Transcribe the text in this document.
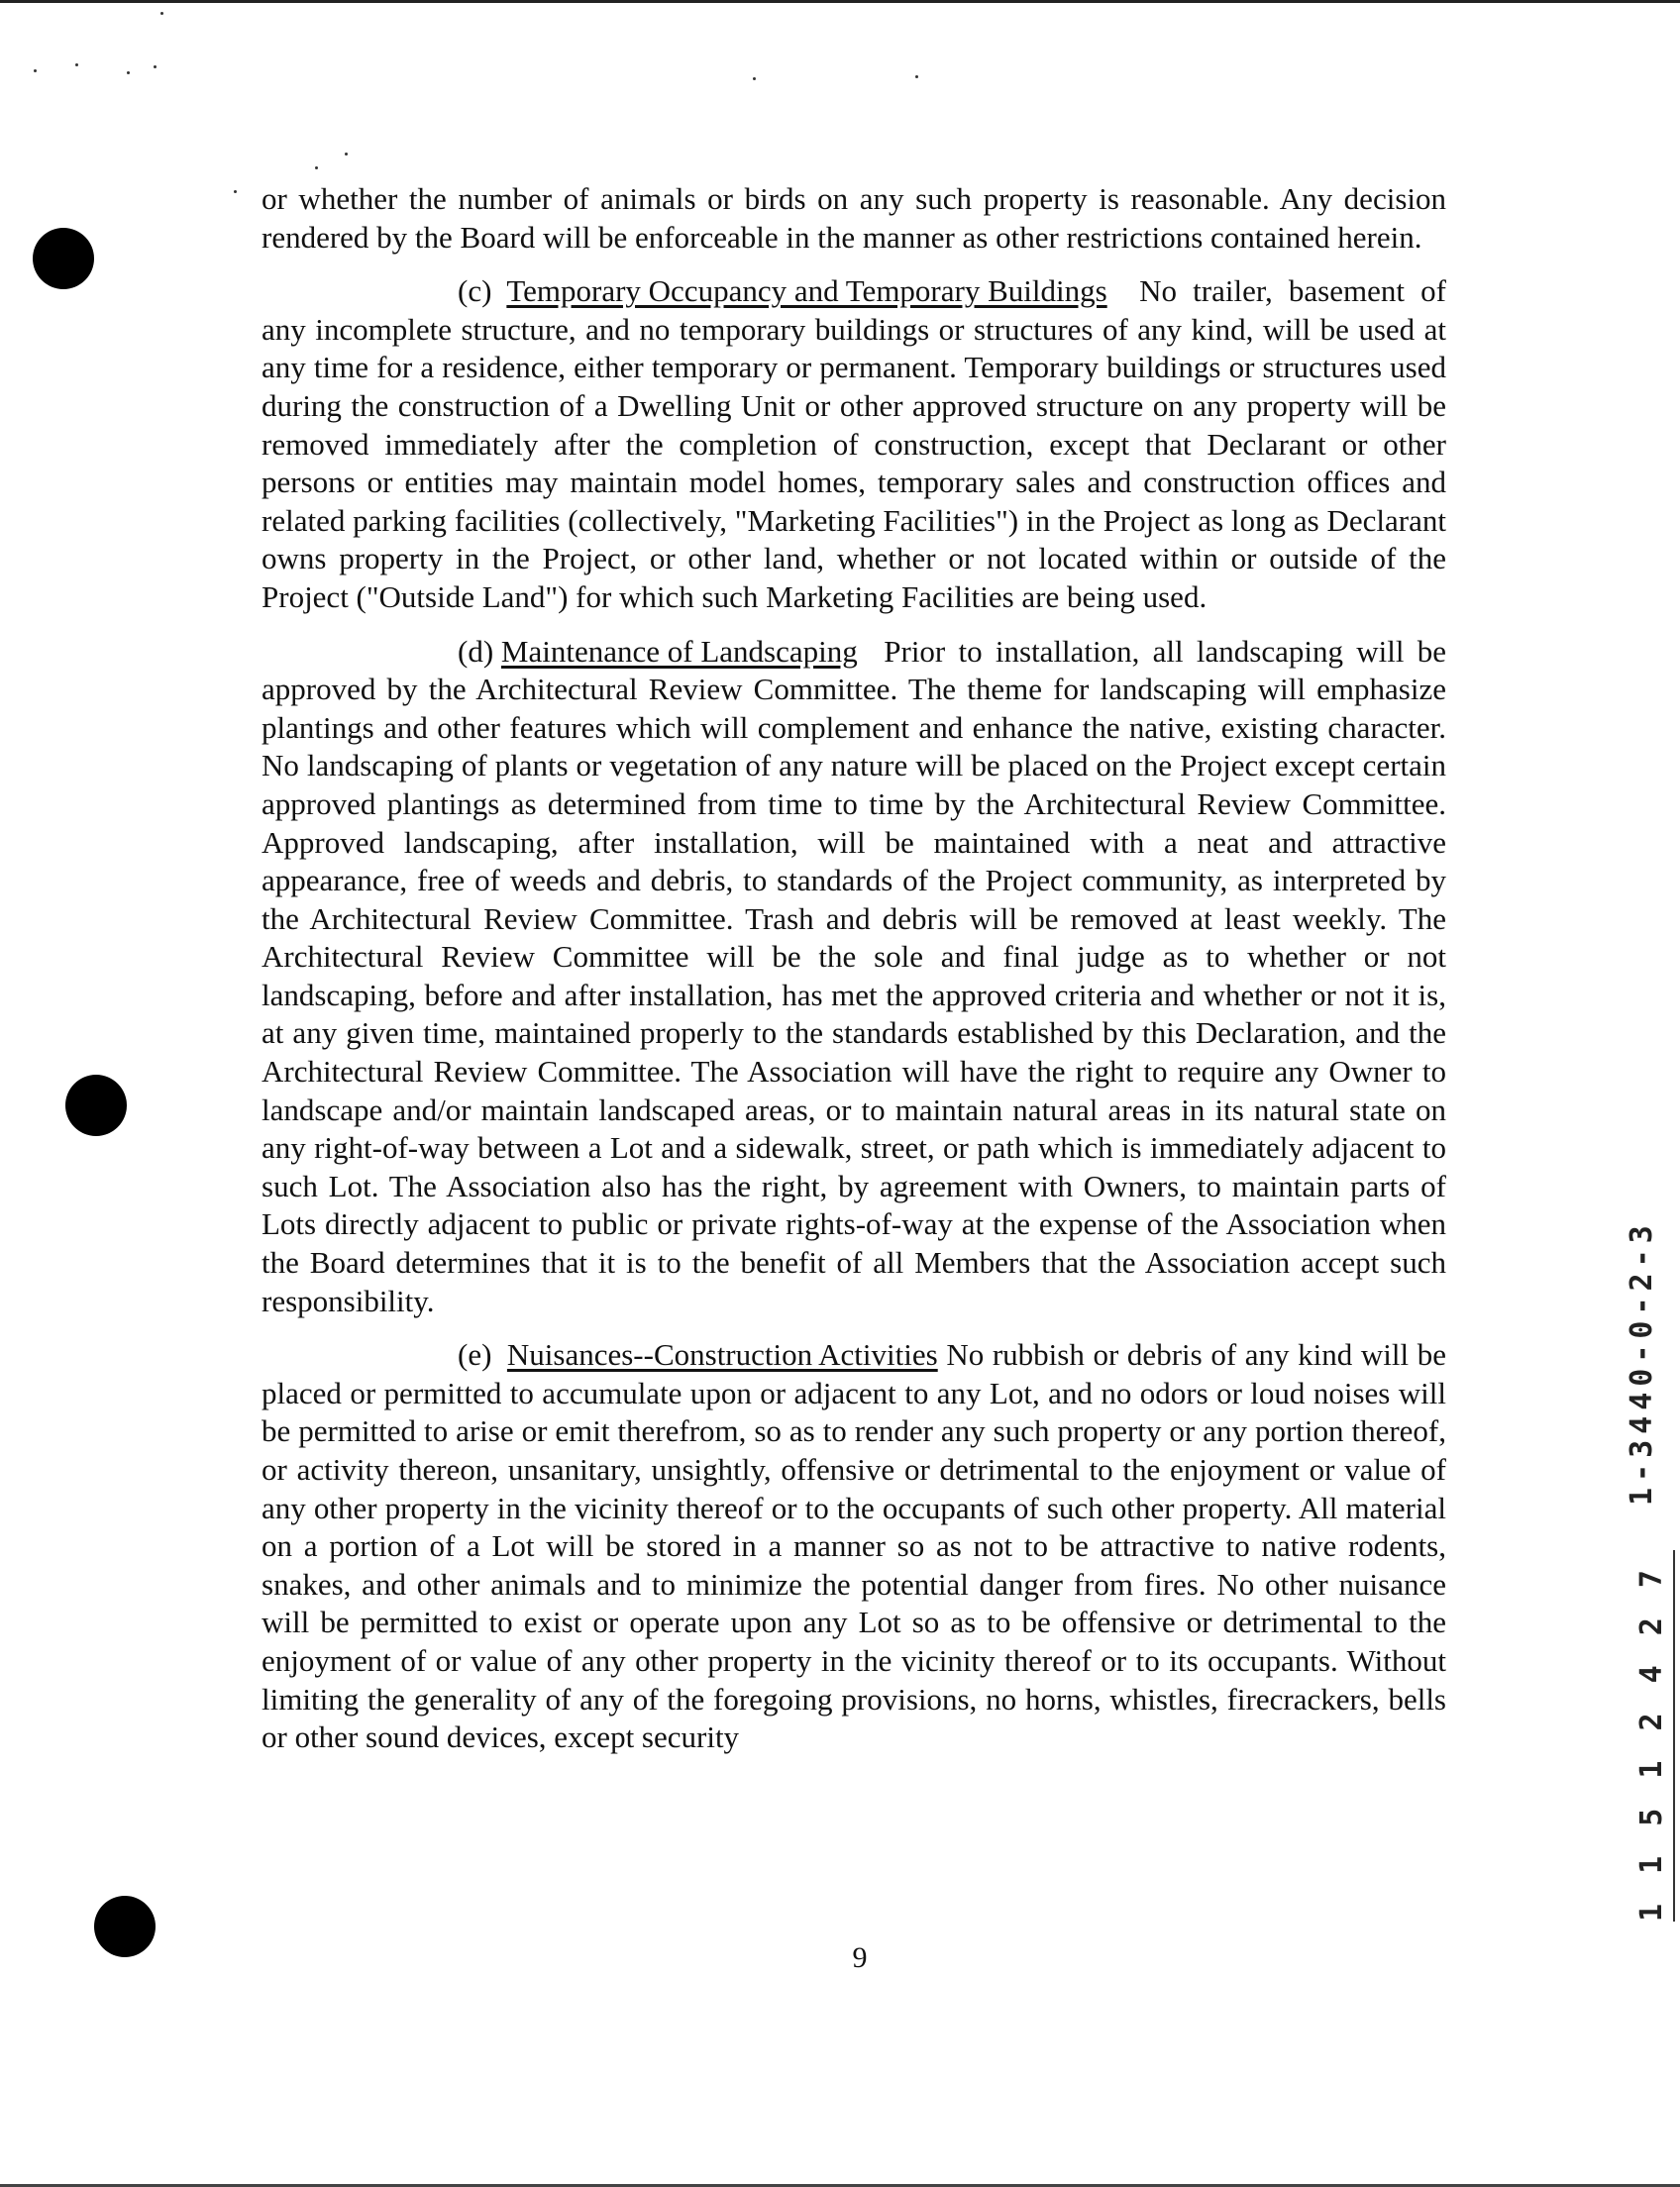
or whether the number of animals or birds on any such property is reasonable. Any decision rendered by the Board will be enforceable in the manner as other restrictions contained herein.

(c) Temporary Occupancy and Temporary Buildings No trailer, basement of any incomplete structure, and no temporary buildings or structures of any kind, will be used at any time for a residence, either temporary or permanent. Temporary buildings or structures used during the construction of a Dwelling Unit or other approved structure on any property will be removed immediately after the completion of construction, except that Declarant or other persons or entities may maintain model homes, temporary sales and construction offices and related parking facilities (collectively, "Marketing Facilities") in the Project as long as Declarant owns property in the Project, or other land, whether or not located within or outside of the Project ("Outside Land") for which such Marketing Facilities are being used.

(d) Maintenance of Landscaping Prior to installation, all landscaping will be approved by the Architectural Review Committee. The theme for landscaping will emphasize plantings and other features which will complement and enhance the native, existing character. No landscaping of plants or vegetation of any nature will be placed on the Project except certain approved plantings as determined from time to time by the Architectural Review Committee. Approved landscaping, after installation, will be maintained with a neat and attractive appearance, free of weeds and debris, to standards of the Project community, as interpreted by the Architectural Review Committee. Trash and debris will be removed at least weekly. The Architectural Review Committee will be the sole and final judge as to whether or not landscaping, before and after installation, has met the approved criteria and whether or not it is, at any given time, maintained properly to the standards established by this Declaration, and the Architectural Review Committee. The Association will have the right to require any Owner to landscape and/or maintain landscaped areas, or to maintain natural areas in its natural state on any right-of-way between a Lot and a sidewalk, street, or path which is immediately adjacent to such Lot. The Association also has the right, by agreement with Owners, to maintain parts of Lots directly adjacent to public or private rights-of-way at the expense of the Association when the Board determines that it is to the benefit of all Members that the Association accept such responsibility.

(e) Nuisances--Construction Activities No rubbish or debris of any kind will be placed or permitted to accumulate upon or adjacent to any Lot, and no odors or loud noises will be permitted to arise or emit therefrom, so as to render any such property or any portion thereof, or activity thereon, unsanitary, unsightly, offensive or detrimental to the enjoyment or value of any other property in the vicinity thereof or to the occupants of such other property. All material on a portion of a Lot will be stored in a manner so as not to be attractive to native rodents, snakes, and other animals and to minimize the potential danger from fires. No other nuisance will be permitted to exist or operate upon any Lot so as to be offensive or detrimental to the enjoyment of or value of any other property in the vicinity thereof or to its occupants. Without limiting the generality of any of the foregoing provisions, no horns, whistles, firecrackers, bells or other sound devices, except security

9
1-3440-0-2-3
1 1 5 1 2 4 2 7
